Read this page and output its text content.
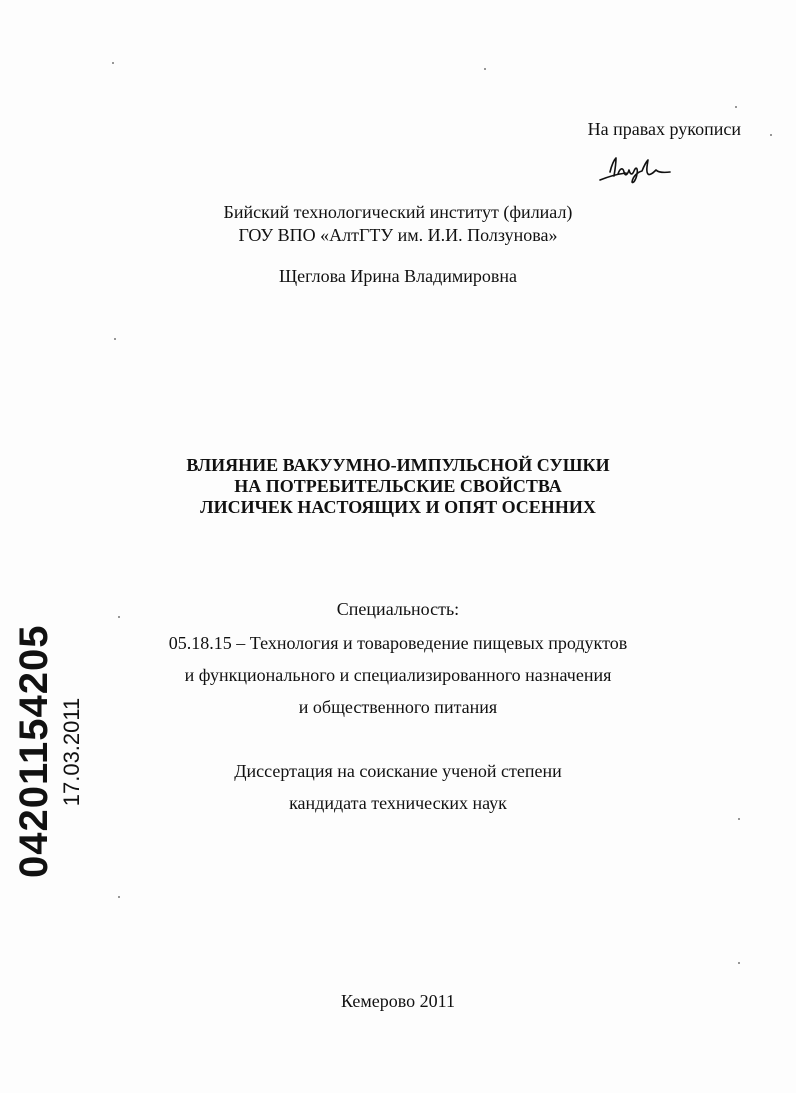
На правах рукописи
Бийский технологический институт (филиал)
ГОУ ВПО «АлтГТУ им. И.И. Ползунова»
Щеглова Ирина Владимировна
ВЛИЯНИЕ ВАКУУМНО-ИМПУЛЬСНОЙ СУШКИ
НА ПОТРЕБИТЕЛЬСКИЕ СВОЙСТВА
ЛИСИЧЕК НАСТОЯЩИХ И ОПЯТ ОСЕННИХ
Специальность:
05.18.15 – Технология и товароведение пищевых продуктов
и функционального и специализированного назначения
и общественного питания
Диссертация на соискание ученой степени
кандидата технических наук
Кемерово 2011
04201154205 17.03.2011
